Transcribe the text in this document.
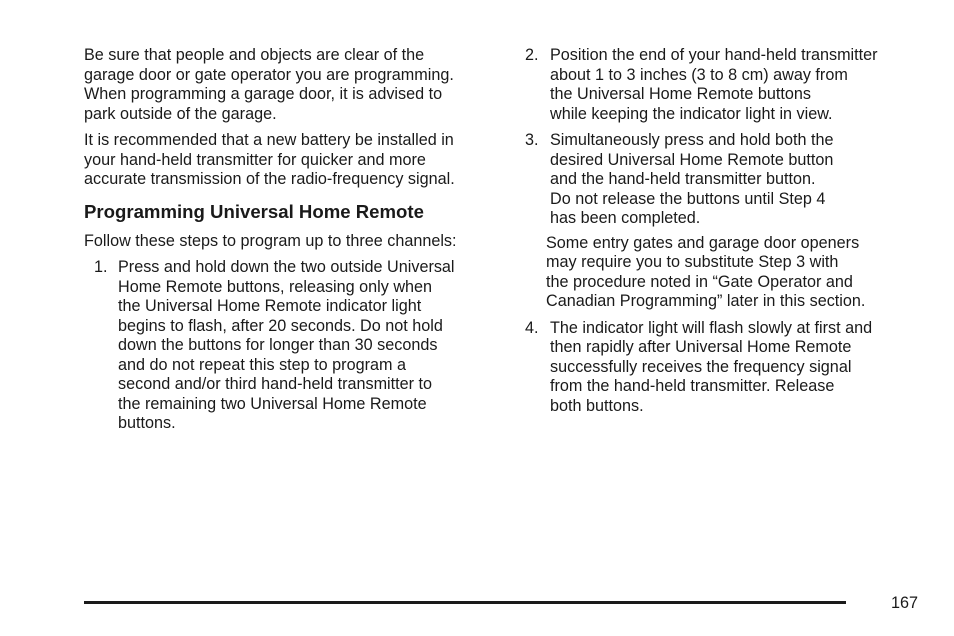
Be sure that people and objects are clear of the
garage door or gate operator you are programming.
When programming a garage door, it is advised to
park outside of the garage.

It is recommended that a new battery be installed in
your hand-held transmitter for quicker and more
accurate transmission of the radio-frequency signal.

Programming Universal Home Remote

Follow these steps to program up to three channels:

1. Press and hold down the two outside Universal
Home Remote buttons, releasing only when
the Universal Home Remote indicator light
begins to flash, after 20 seconds. Do not hold
down the buttons for longer than 30 seconds
and do not repeat this step to program a
second and/or third hand-held transmitter to
the remaining two Universal Home Remote
buttons.
2. Position the end of your hand-held transmitter
about 1 to 3 inches (3 to 8 cm) away from
the Universal Home Remote buttons
while keeping the indicator light in view.
3. Simultaneously press and hold both the
desired Universal Home Remote button
and the hand-held transmitter button.
Do not release the buttons until Step 4
has been completed.

Some entry gates and garage door openers
may require you to substitute Step 3 with
the procedure noted in “Gate Operator and
Canadian Programming” later in this section.

4. The indicator light will flash slowly at first and
then rapidly after Universal Home Remote
successfully receives the frequency signal
from the hand-held transmitter. Release
both buttons.
167
